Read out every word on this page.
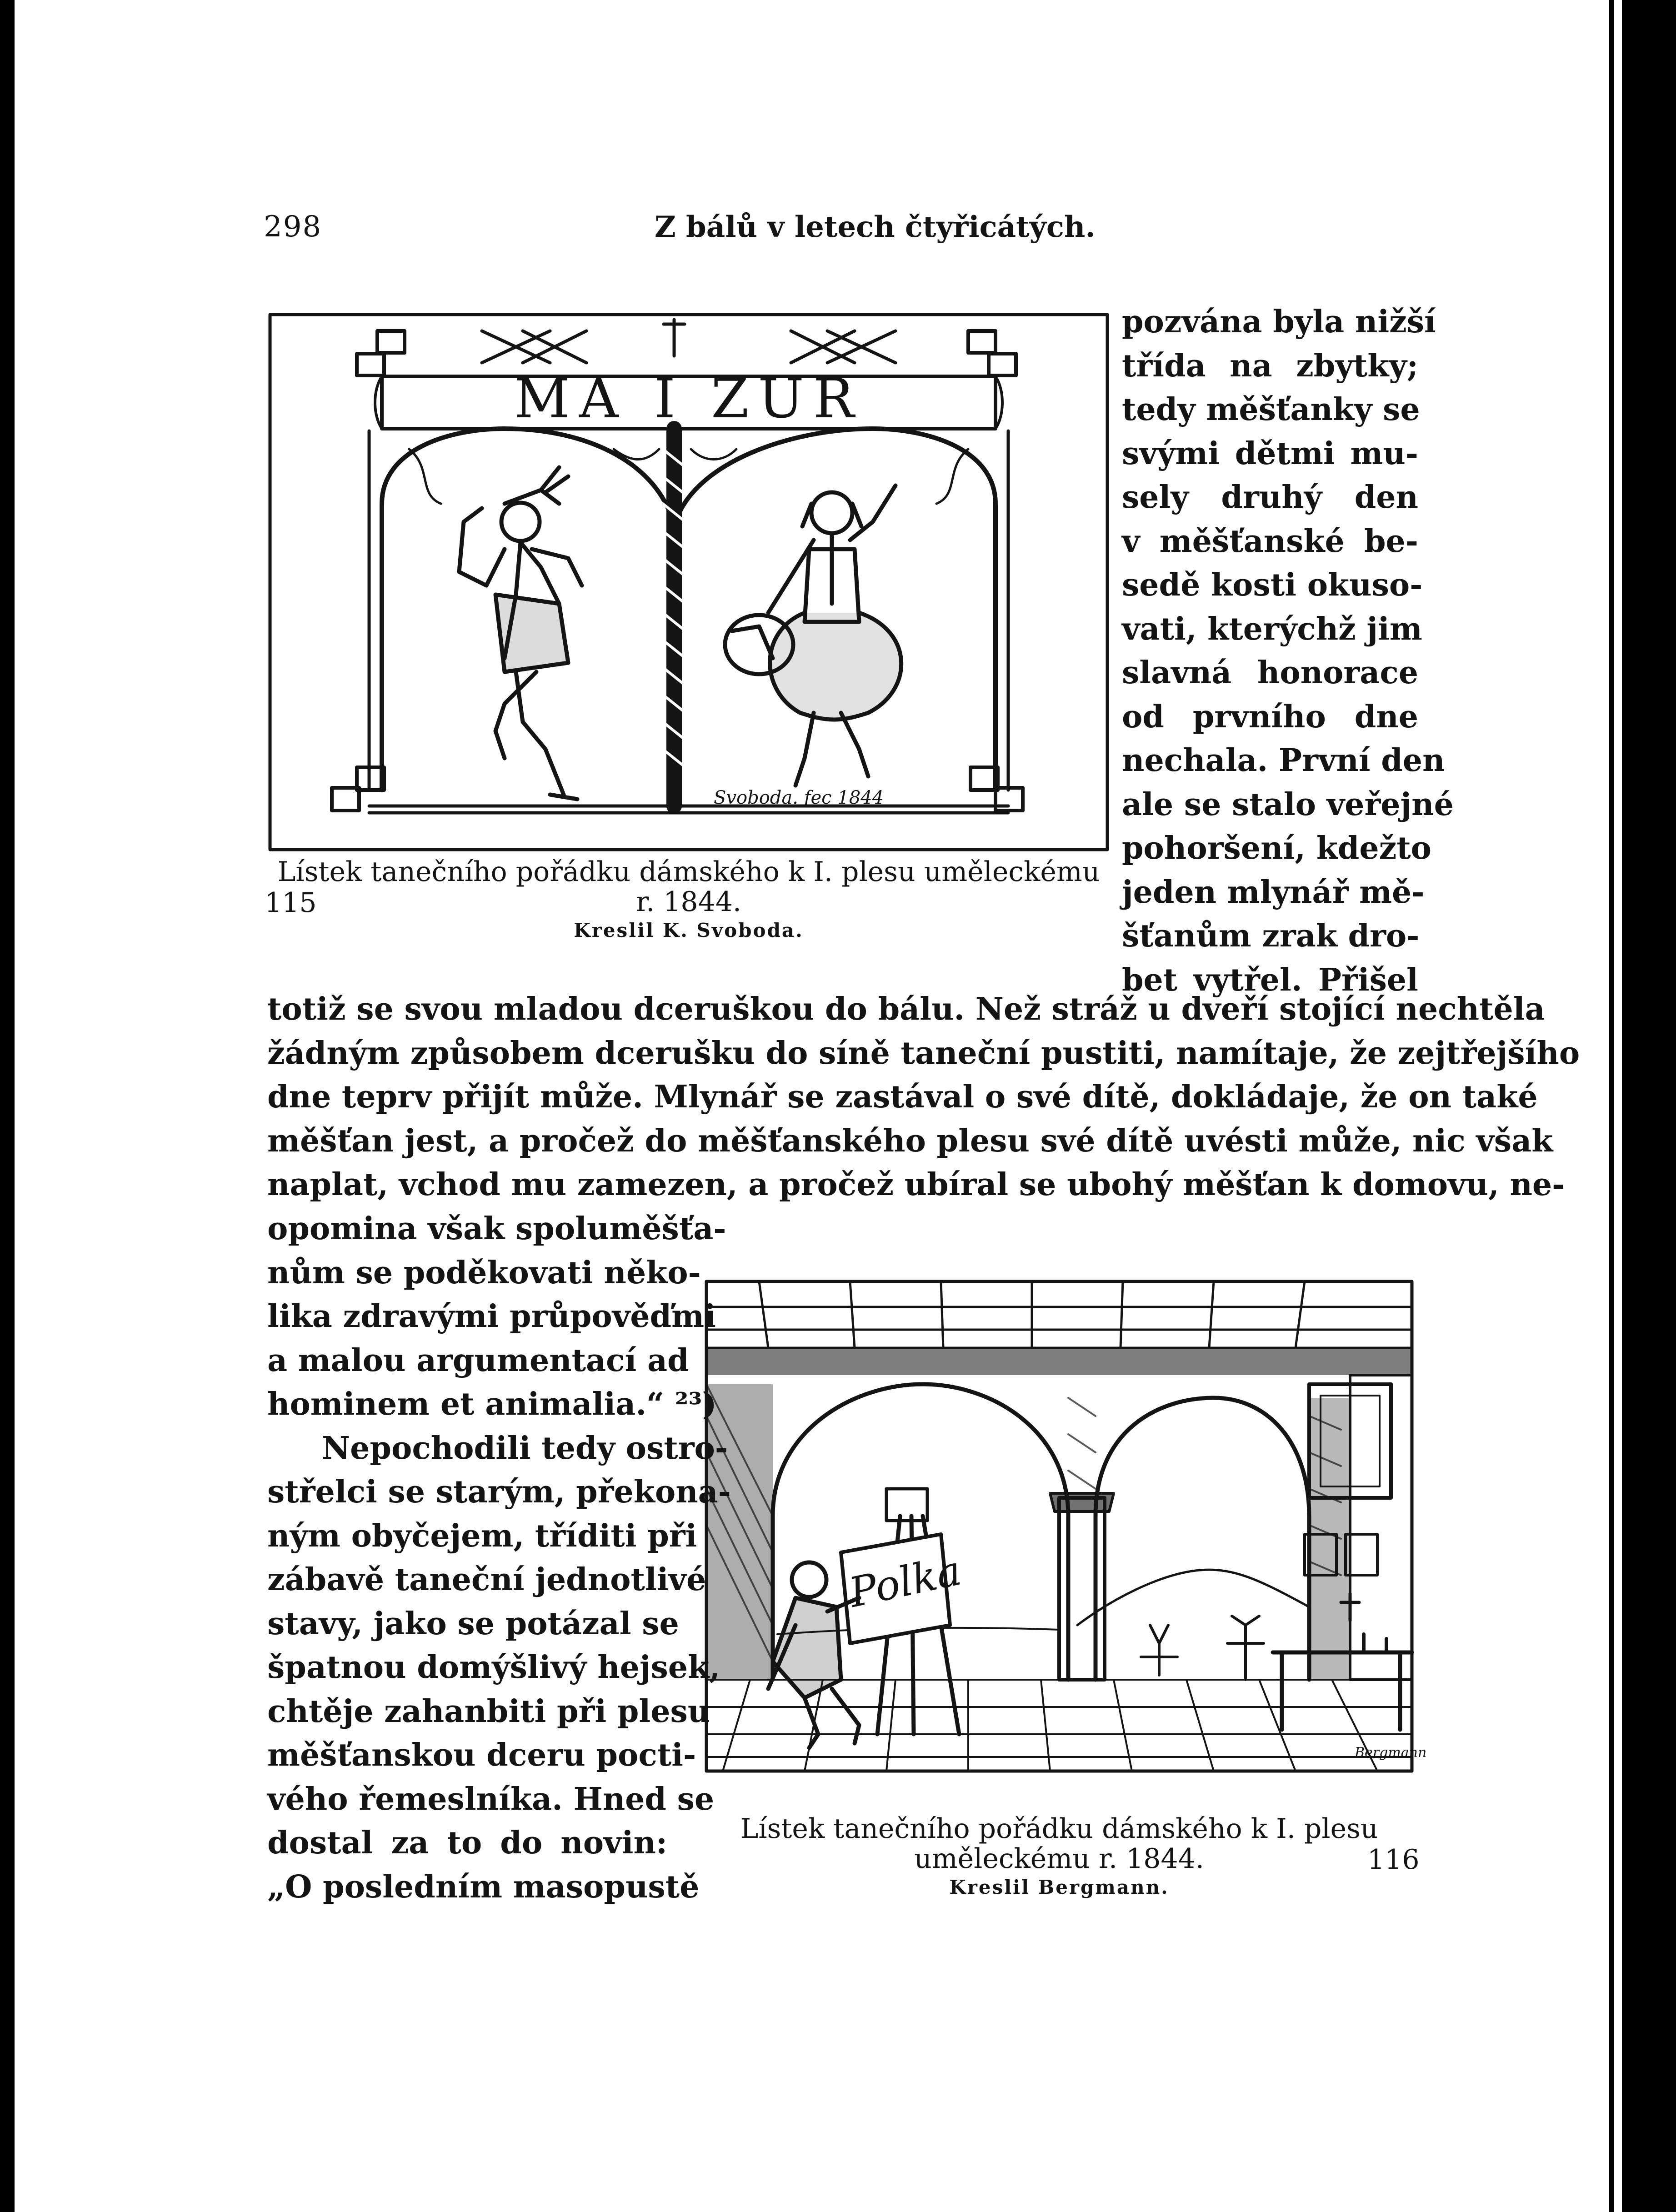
298	Z bálů v letech čtyřicátých.
MA I ZUR
Svoboda. fec 1844
Lístek tanečního pořádku dámského k I. plesu uměleckému
r. 1844.
Kreslil K. Svoboda.
115
pozvána byla nižší
třída na zbytky;
tedy měšťanky se
svými dětmi mu-
sely druhý den
v měšťanské be-
sedě kosti okuso-
vati, kterýchž jim
slavná honorace
od prvního dne
nechala. První den
ale se stalo veřejné
pohoršení, kdežto
jeden mlynář mě-
šťanům zrak dro-
bet vytřel. Přišel
totiž se svou mladou dceruškou do bálu. Než stráž u dveří stojící nechtěla
žádným způsobem dcerušku do síně taneční pustiti, namítaje, že zejtřejšího
dne teprv přijít může. Mlynář se zastával o své dítě, dokládaje, že on také
měšťan jest, a pročež do měšťanského plesu své dítě uvésti může, nic však
naplat, vchod mu zamezen, a pročež ubíral se ubohý měšťan k domovu, ne-
opomina však spoluměšťa-
nům se poděkovati něko-
lika zdravými průpověďmi
a malou argumentací ad
hominem et animalia.“ ²³)
Nepochodili tedy ostro-
střelci se starým, překona-
ným obyčejem, tříditi při
zábavě taneční jednotlivé
stavy, jako se potázal se
špatnou domýšlivý hejsek,
chtěje zahanbiti při plesu
měšťanskou dceru pocti-
vého řemeslníka. Hned se
dostal za to do novin:
„O posledním masopustě
Polka
Bergmann
Lístek tanečního pořádku dámského k I. plesu
uměleckému r. 1844.
Kreslil Bergmann.
116
